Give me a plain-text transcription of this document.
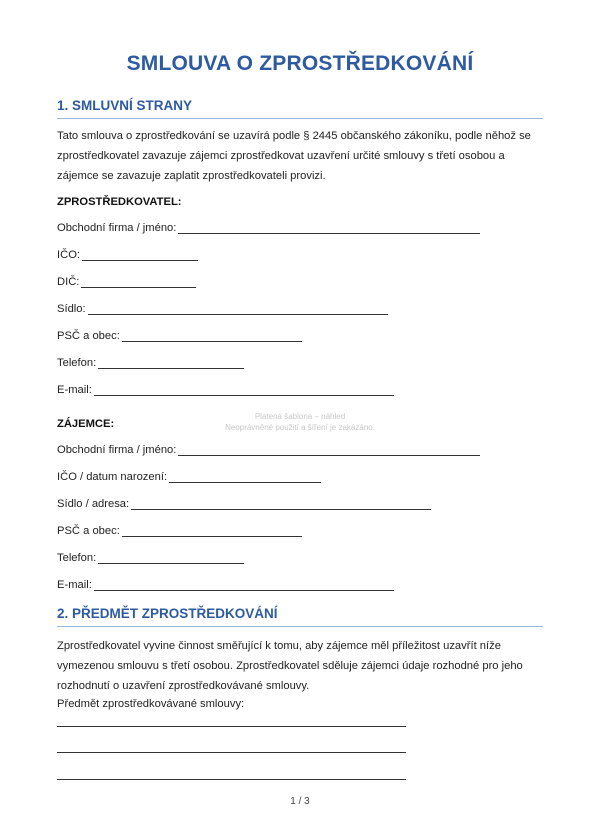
SMLOUVA O ZPROSTŘEDKOVÁNÍ
1. SMLUVNÍ STRANY
Tato smlouva o zprostředkování se uzavírá podle § 2445 občanského zákoníku, podle něhož se
zprostředkovatel zavazuje zájemci zprostředkovat uzavření určité smlouvy s třetí osobou a
zájemce se zavazuje zaplatit zprostředkovateli provizi.
ZPROSTŘEDKOVATEL:
Obchodní firma / jméno:
IČO:
DIČ:
Sídlo:
PSČ a obec:
Telefon:
E-mail:
Platená šablona – náhled
Neoprávněné použití a šíření je zakázáno.
ZÁJEMCE:
Obchodní firma / jméno:
IČO / datum narození:
Sídlo / adresa:
PSČ a obec:
Telefon:
E-mail:
2. PŘEDMĚT ZPROSTŘEDKOVÁNÍ
Zprostředkovatel vyvine činnost směřující k tomu, aby zájemce měl příležitost uzavřít níže
vymezenou smlouvu s třetí osobou. Zprostředkovatel sděluje zájemci údaje rozhodné pro jeho
rozhodnutí o uzavření zprostředkovávané smlouvy.
Předmět zprostředkovávané smlouvy:
1 / 3
